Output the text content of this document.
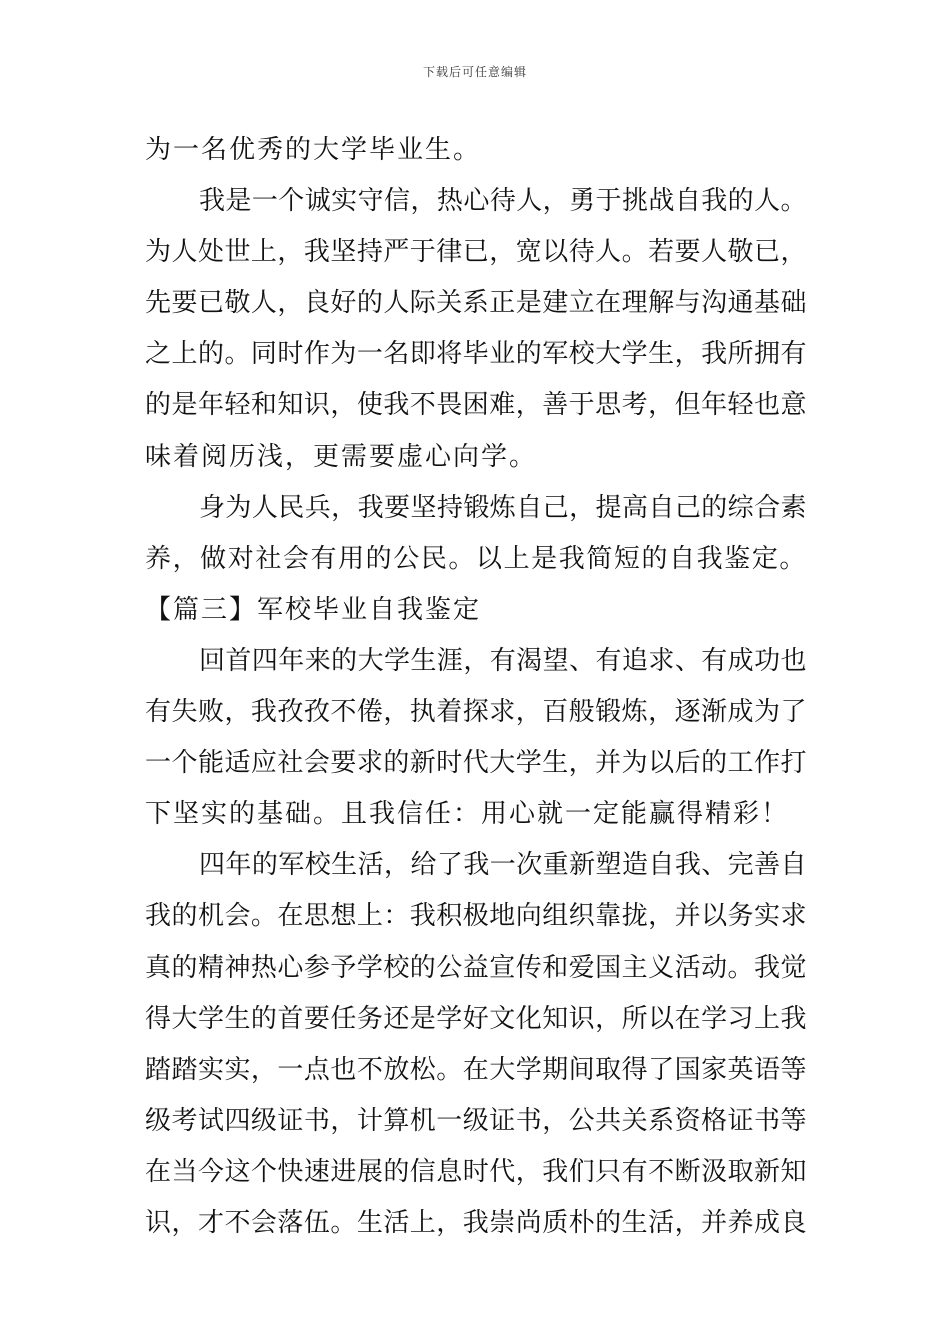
下载后可任意编辑
为一名优秀的大学毕业生。
我是一个诚实守信，热心待人，勇于挑战自我的人。
为人处世上，我坚持严于律已，宽以待人。若要人敬已，
先要已敬人，良好的人际关系正是建立在理解与沟通基础
之上的。同时作为一名即将毕业的军校大学生，我所拥有
的是年轻和知识，使我不畏困难，善于思考，但年轻也意
味着阅历浅，更需要虚心向学。
身为人民兵，我要坚持锻炼自己，提高自己的综合素
养，做对社会有用的公民。以上是我简短的自我鉴定。
【篇三】军校毕业自我鉴定
回首四年来的大学生涯，有渴望、有追求、有成功也
有失败，我孜孜不倦，执着探求，百般锻炼，逐渐成为了
一个能适应社会要求的新时代大学生，并为以后的工作打
下坚实的基础。且我信任：用心就一定能赢得精彩！
四年的军校生活，给了我一次重新塑造自我、完善自
我的机会。在思想上：我积极地向组织靠拢，并以务实求
真的精神热心参予学校的公益宣传和爱国主义活动。我觉
得大学生的首要任务还是学好文化知识，所以在学习上我
踏踏实实，一点也不放松。在大学期间取得了国家英语等
级考试四级证书，计算机一级证书，公共关系资格证书等
在当今这个快速进展的信息时代，我们只有不断汲取新知
识，才不会落伍。生活上，我崇尚质朴的生活，并养成良
